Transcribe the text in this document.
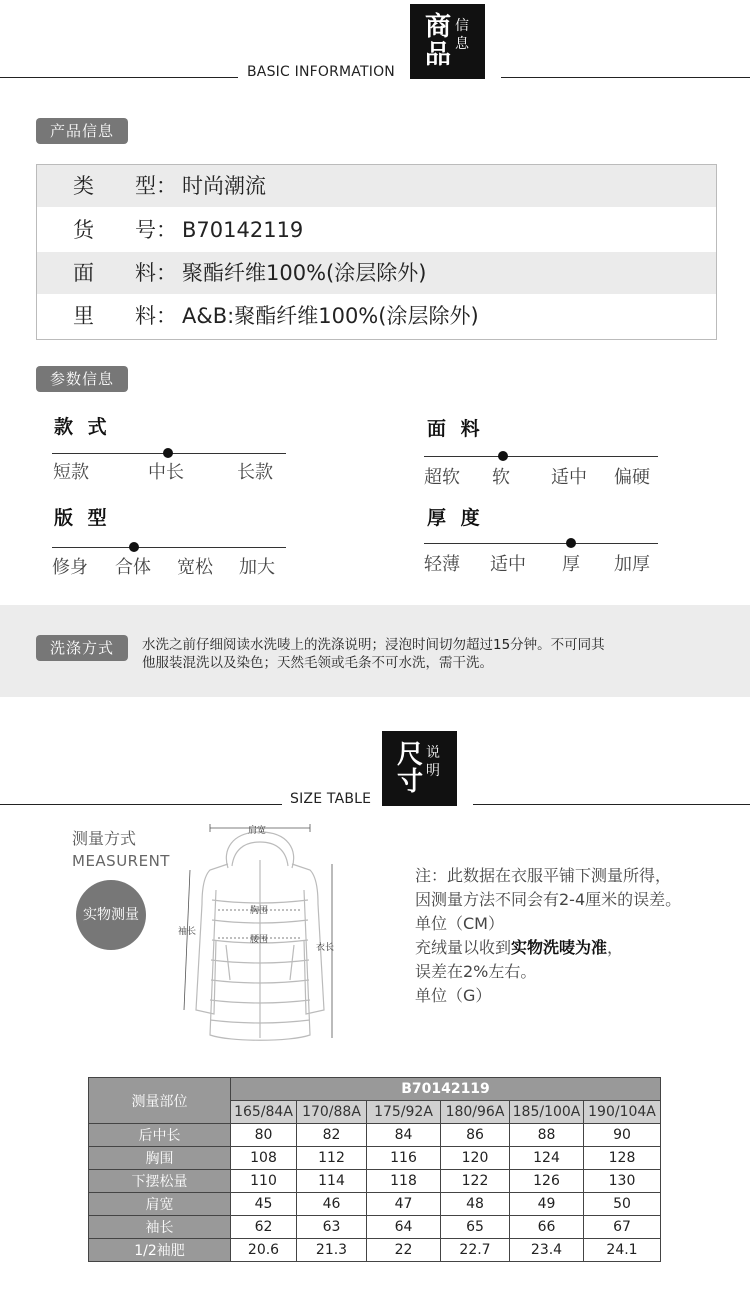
BASIC INFORMATION
商
品
信
息
产品信息
类 型： 时尚潮流
货 号： B70142119
面 料： 聚酯纤维100%(涂层除外)
里 料： A&B:聚酯纤维100%(涂层除外)
参数信息
款 式
短款	中长	长款
版 型
修身 合体 宽松 加大
面 料
超软 软 适中 偏硬
厚 度
轻薄 适中 厚 加厚
洗涤方式	水洗之前仔细阅读水洗唛上的洗涤说明；浸泡时间切勿超过15分钟。不可同其
他服装混洗以及染色；天然毛领或毛条不可水洗，需干洗。
SIZE TABLE
尺
寸
说
明
测量方式
MEASURENT
实物测量
肩宽
胸围
腰围
袖长
衣长
注：此数据在衣服平铺下测量所得，
因测量方法不同会有2-4厘米的误差。
单位（CM）
充绒量以收到实物洗唛为准，
误差在2%左右。
单位（G）
测量部位	B70142119					
	165/84A	170/88A	175/92A	180/96A	185/100A	190/104A
后中长	80	82	84	86	88	90
胸围	108	112	116	120	124	128
下摆松量	110	114	118	122	126	130
肩宽	45	46	47	48	49	50
袖长	62	63	64	65	66	67
1/2袖肥	20.6	21.3	22	22.7	23.4	24.1
